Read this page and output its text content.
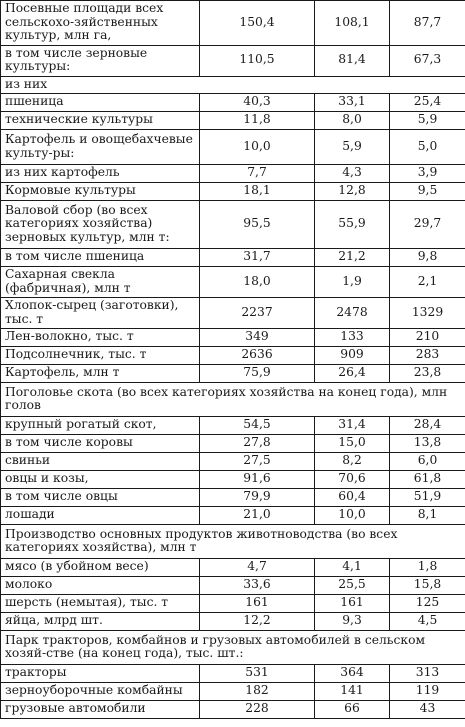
Посевные площади всех сельскохо-зяйственных культур, млн га,	150,4	108,1	87,7
в том числе зерновые культуры:	110,5	81,4	67,3
из них			
пшеница	40,3	33,1	25,4
технические культуры	11,8	8,0	5,9
Картофель и овощебахчевые культу-ры:	10,0	5,9	5,0
из них картофель	7,7	4,3	3,9
Кормовые культуры	18,1	12,8	9,5
Валовой сбор (во всех категориях хозяйства) зерновых культур, млн т:	95,5	55,9	29,7
в том числе пшеница	31,7	21,2	9,8
Сахарная свекла (фабричная), млн т	18,0	1,9	2,1
Хлопок-сырец (заготовки), тыс. т	2237	2478	1329
Лен-волокно, тыс. т	349	133	210
Подсолнечник, тыс. т	2636	909	283
Картофель, млн т	75,9	26,4	23,8
Поголовье скота (во всех категориях хозяйства на конец года), млн голов			
крупный рогатый скот,	54,5	31,4	28,4
в том числе коровы	27,8	15,0	13,8
свиньи	27,5	8,2	6,0
овцы и козы,	91,6	70,6	61,8
в том числе овцы	79,9	60,4	51,9
лошади	21,0	10,0	8,1
Производство основных продуктов животноводства (во всех категориях хозяйства), млн т			
мясо (в убойном весе)	4,7	4,1	1,8
молоко	33,6	25,5	15,8
шерсть (немытая), тыс. т	161	161	125
яйца, млрд шт.	12,2	9,3	4,5
Парк тракторов, комбайнов и грузовых автомобилей в сельском хозяй-стве (на конец года), тыс. шт.:			
тракторы	531	364	313
зерноуборочные комбайны	182	141	119
грузовые автомобили	228	66	43
